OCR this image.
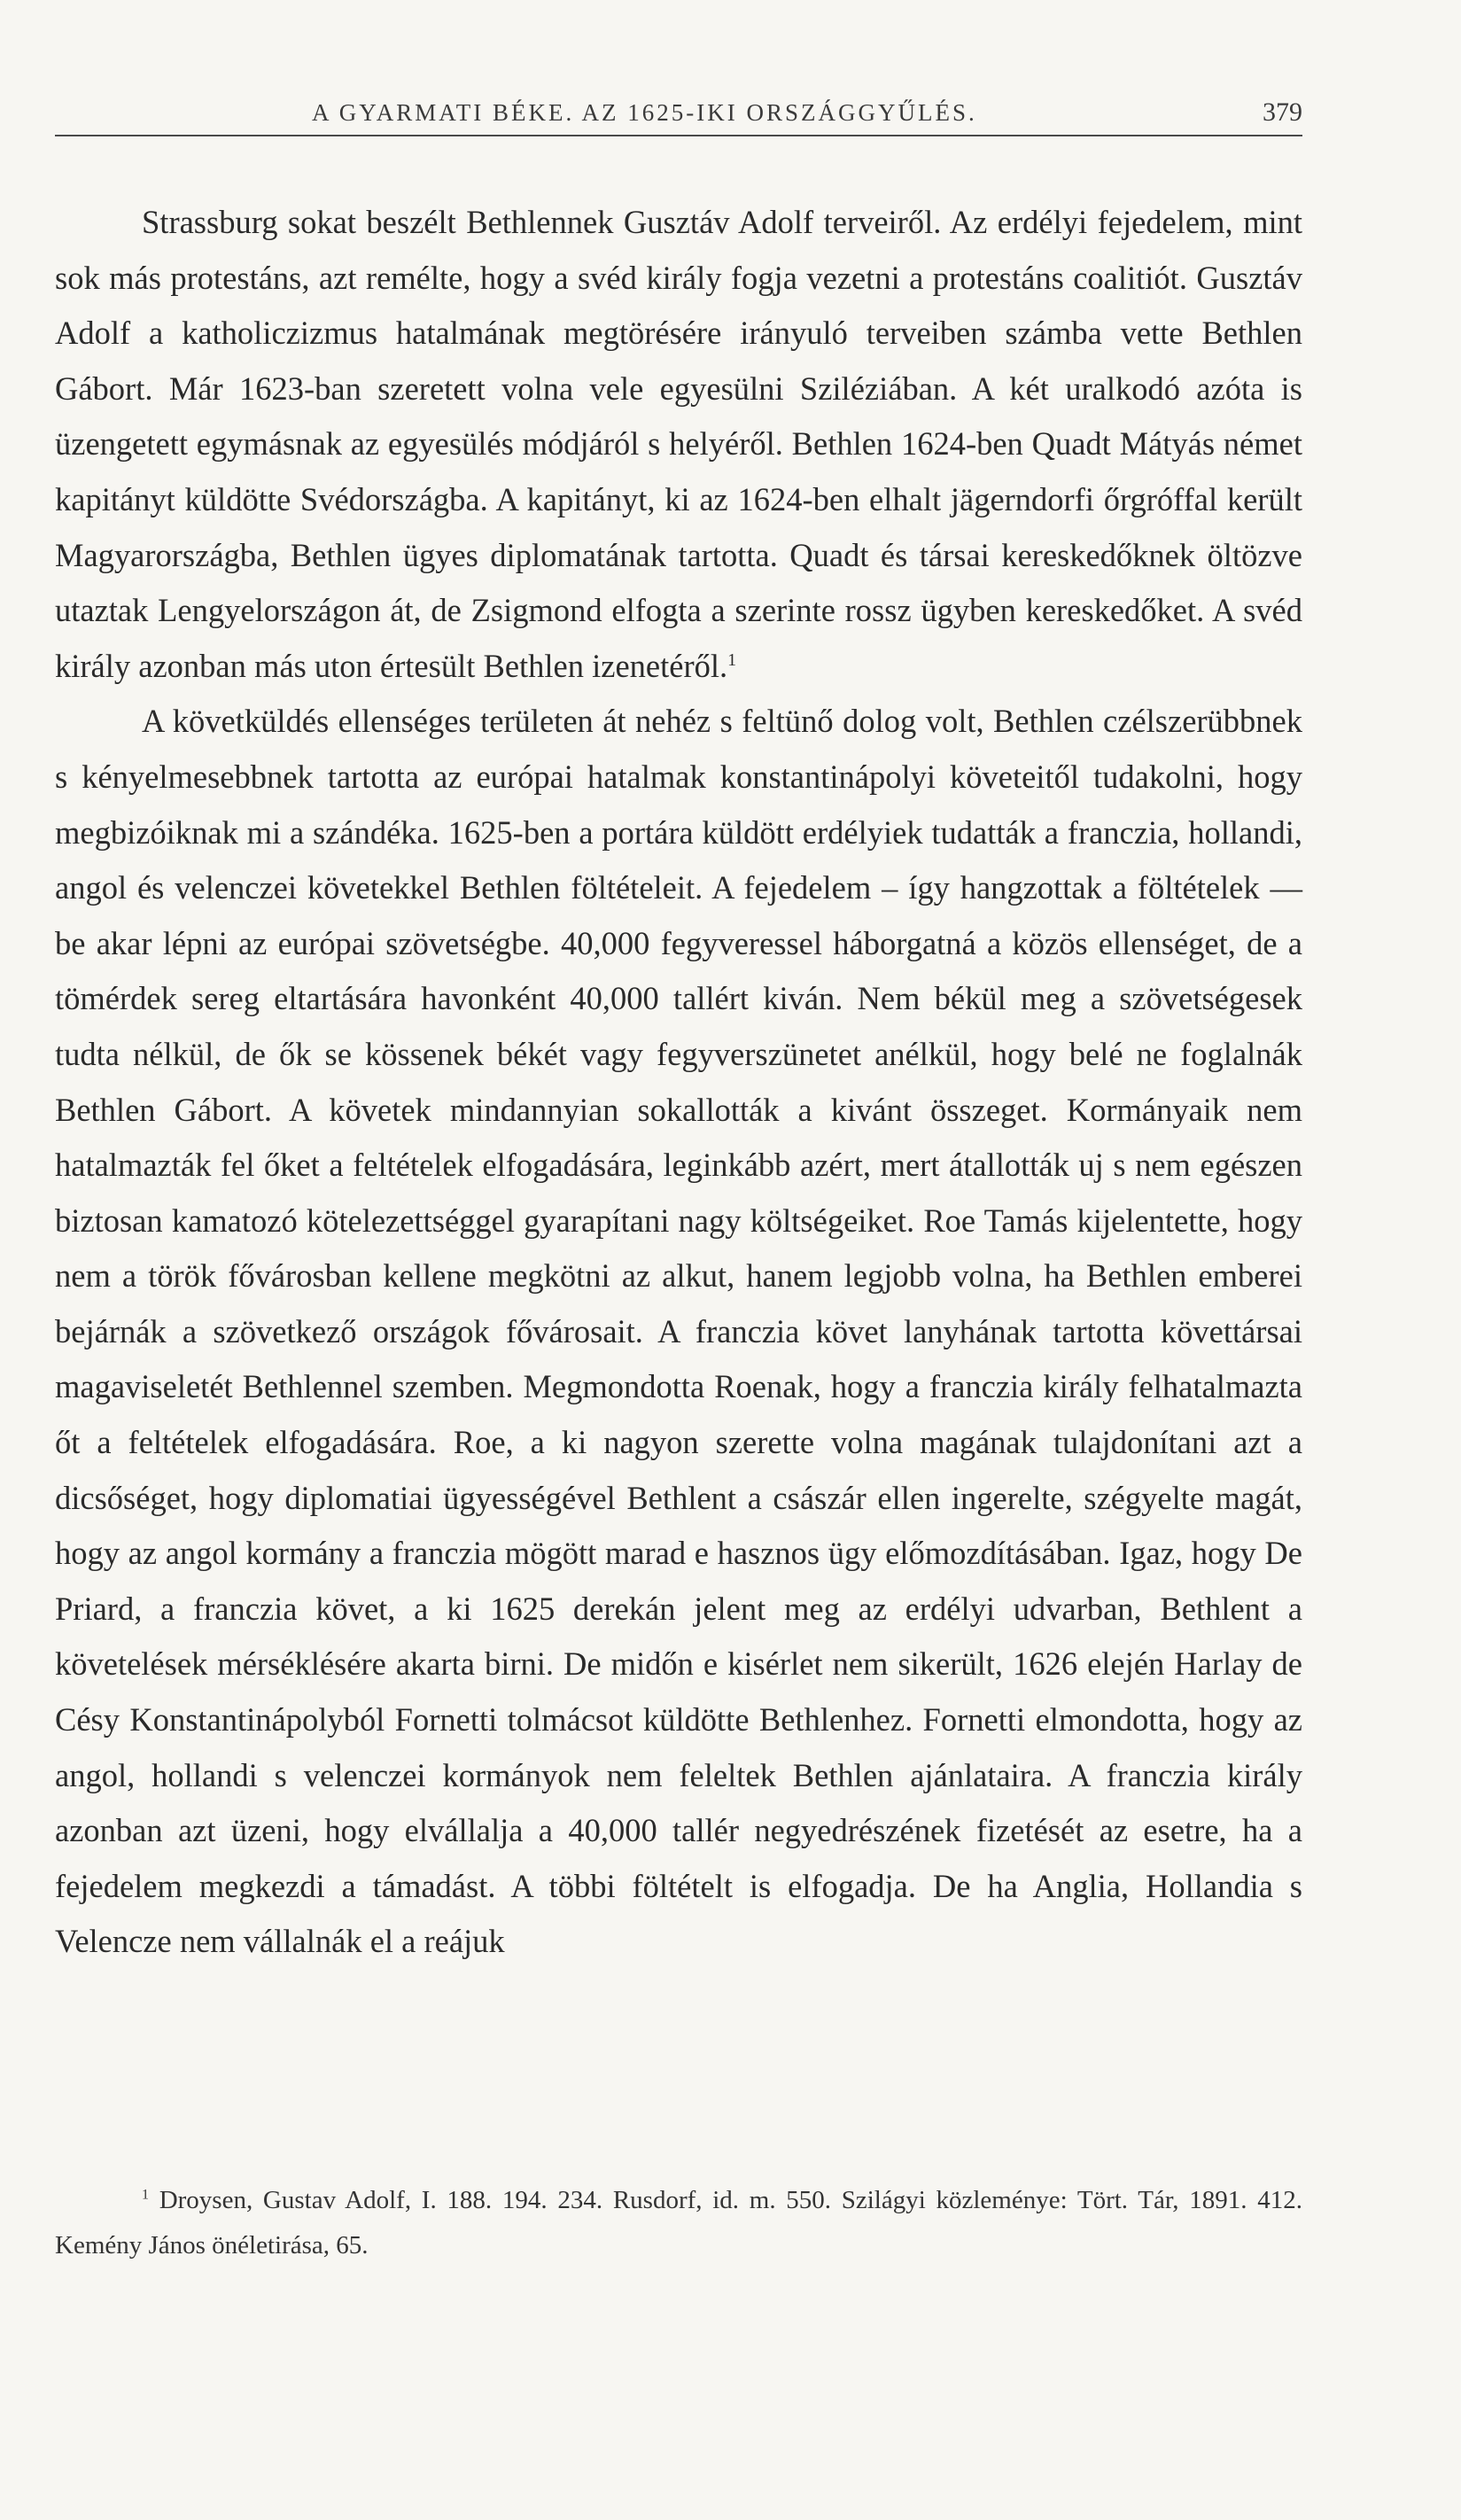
A GYARMATI BÉKE. AZ 1625-IKI ORSZÁGGYŰLÉS.	379

Strassburg sokat beszélt Bethlennek Gusztáv Adolf terveiről. Az erdélyi fejedelem, mint sok más protestáns, azt remélte, hogy a svéd király fogja vezetni a protestáns coalitiót. Gusztáv Adolf a katholiczizmus hatalmának megtörésére irányuló terveiben számba vette Bethlen Gábort. Már 1623-ban szeretett volna vele egyesülni Sziléziában. A két uralkodó azóta is üzengetett egymásnak az egyesülés módjáról s helyéről. Bethlen 1624-ben Quadt Mátyás német kapitányt küldötte Svédországba. A kapitányt, ki az 1624-ben elhalt jägerndorfi őrgróffal került Magyarországba, Bethlen ügyes diplomatának tartotta. Quadt és társai kereskedőknek öltözve utaztak Lengyelországon át, de Zsigmond elfogta a szerinte rossz ügyben kereskedőket. A svéd király azonban más uton értesült Bethlen izenetéről.$^1$

A követküldés ellenséges területen át nehéz s feltünő dolog volt, Bethlen czélszerübbnek s kényelmesebbnek tartotta az európai hatalmak konstantinápolyi követeitől tudakolni, hogy megbizóiknak mi a szándéka. 1625-ben a portára küldött erdélyiek tudatták a franczia, hollandi, angol és velenczei követekkel Bethlen föltételeit. A fejedelem – így hangzottak a föltételek — be akar lépni az európai szövetségbe. 40,000 fegyveressel háborgatná a közös ellenséget, de a tömérdek sereg eltartására havonként 40,000 tallért kiván. Nem békül meg a szövetségesek tudta nélkül, de ők se kössenek békét vagy fegyverszünetet anélkül, hogy belé ne foglalnák Bethlen Gábort. A követek mindannyian sokallották a kivánt összeget. Kormányaik nem hatalmazták fel őket a feltételek elfogadására, leginkább azért, mert átallották uj s nem egészen biztosan kamatozó kötelezettséggel gyarapítani nagy költségeiket. Roe Tamás kijelentette, hogy nem a török fővárosban kellene megkötni az alkut, hanem legjobb volna, ha Bethlen emberei bejárnák a szövetkező országok fővárosait. A franczia követ lanyhának tartotta követtársai magaviseletét Bethlennel szemben. Megmondotta Roenak, hogy a franczia király felhatalmazta őt a feltételek elfogadására. Roe, a ki nagyon szerette volna magának tulajdonítani azt a dicsőséget, hogy diplomatiai ügyességével Bethlent a császár ellen ingerelte, szégyelte magát, hogy az angol kormány a franczia mögött marad e hasznos ügy előmozdításában. Igaz, hogy De Priard, a franczia követ, a ki 1625 derekán jelent meg az erdélyi udvarban, Bethlent a követelések mérséklésére akarta birni. De midőn e kisérlet nem sikerült, 1626 elején Harlay de Césy Konstantinápolyból Fornetti tolmácsot küldötte Bethlenhez. Fornetti elmondotta, hogy az angol, hollandi s velenczei kormányok nem feleltek Bethlen ajánlataira. A franczia király azonban azt üzeni, hogy elvállalja a 40,000 tallér negyedrészének fizetését az esetre, ha a fejedelem megkezdi a támadást. A többi föltételt is elfogadja. De ha Anglia, Hollandia s Velencze nem vállalnák el a reájuk

$^1$ Droysen, Gustav Adolf, I. 188. 194. 234. Rusdorf, id. m. 550. Szilágyi közleménye: Tört. Tár, 1891. 412. Kemény János önéletirása, 65.
